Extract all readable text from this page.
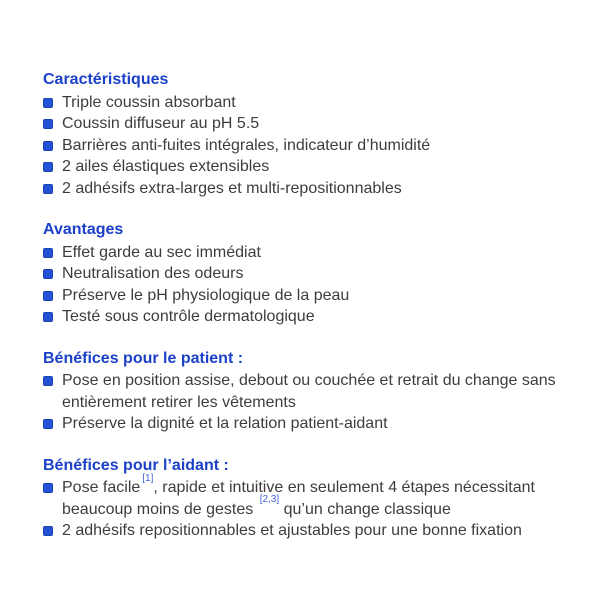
Caractéristiques
Triple coussin absorbant
Coussin diffuseur au pH 5.5
Barrières anti-fuites intégrales, indicateur d’humidité
2 ailes élastiques extensibles
2 adhésifs extra-larges et multi-repositionnables
Avantages
Effet garde au sec immédiat
Neutralisation des odeurs
Préserve le pH physiologique de la peau
Testé sous contrôle dermatologique
Bénéfices pour le patient :
Pose en position assise, debout ou couchée et retrait du change sans entièrement retirer les vêtements
Préserve la dignité et la relation patient-aidant
Bénéfices pour l’aidant :
Pose facile[1], rapide et intuitive en seulement 4 étapes nécessitant beaucoup moins de gestes [2,3] qu’un change classique
2 adhésifs repositionnables et ajustables pour une bonne fixation
